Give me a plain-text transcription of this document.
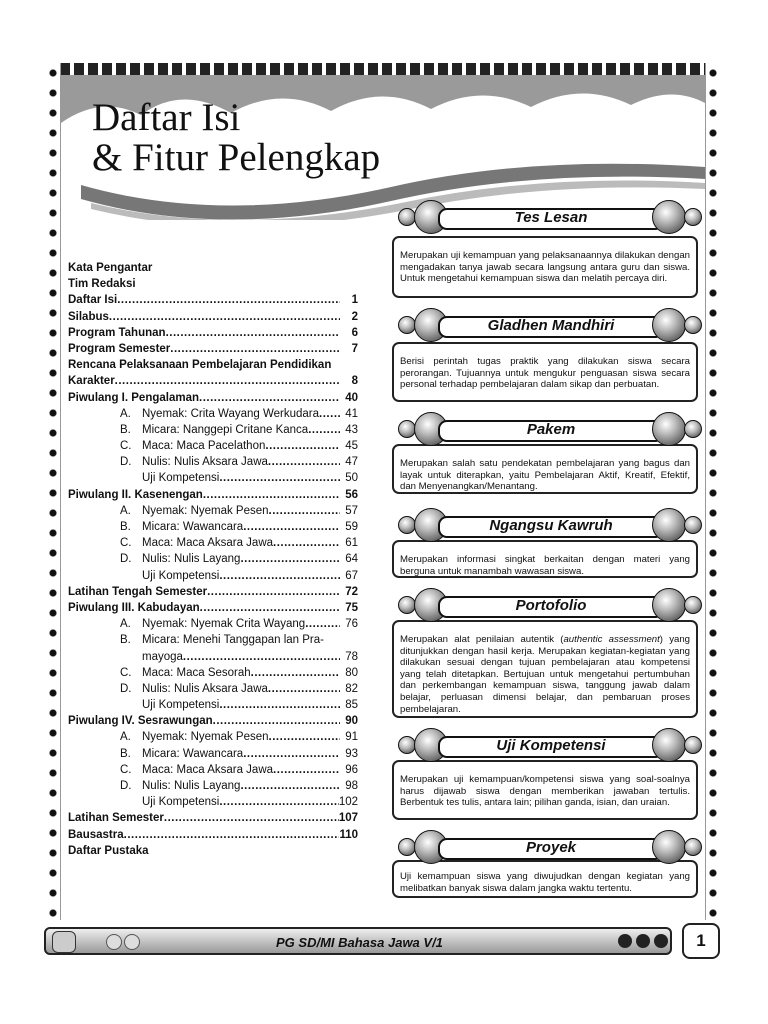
Daftar Isi
& Fitur Pelengkap
Kata Pengantar
Tim Redaksi
Daftar Isi .....	1
Silabus .....	2
Program Tahunan .....	6
Program Semester .....	7
Rencana Pelaksanaan Pembelajaran Pendidikan
Karakter .....	8
Piwulang I. Pengalaman .....	40
A. Nyemak: Crita Wayang Werkudara .....	41
B. Micara: Nanggepi Critane Kanca .....	43
C. Maca: Maca Pacelathon .....	45
D. Nulis: Nulis Aksara Jawa .....	47
Uji Kompetensi .....	50
Piwulang II. Kasenengan .....	56
A. Nyemak: Nyemak Pesen .....	57
B. Micara: Wawancara .....	59
C. Maca: Maca Aksara Jawa .....	61
D. Nulis: Nulis Layang .....	64
Uji Kompetensi .....	67
Latihan Tengah Semester .....	72
Piwulang III. Kabudayan .....	75
A. Nyemak: Nyemak Crita Wayang .....	76
B. Micara: Menehi Tanggapan lan Pra-
mayoga .....	78
C. Maca: Maca Sesorah .....	80
D. Nulis: Nulis Aksara Jawa .....	82
Uji Kompetensi .....	85
Piwulang IV. Sesrawungan .....	90
A. Nyemak: Nyemak Pesen .....	91
B. Micara: Wawancara .....	93
C. Maca: Maca Aksara Jawa .....	96
D. Nulis: Nulis Layang .....	98
Uji Kompetensi .....	102
Latihan Semester .....	107
Bausastra .....	110
Daftar Pustaka
Merupakan uji kemampuan yang pelaksanaannya dilakukan dengan mengadakan tanya jawab secara langsung antara guru dan siswa. Untuk mengetahui kemampuan siswa dan melatih percaya diri.
Tes Lesan
Berisi perintah tugas praktik yang dilakukan siswa secara perorangan. Tujuannya untuk mengukur penguasan siswa secara personal terhadap pembelajaran dalam sikap dan perbuatan.
Gladhen Mandhiri
Merupakan salah satu pendekatan pembelajaran yang bagus dan layak untuk diterapkan, yaitu Pembelajaran Aktif, Kreatif, Efektif, dan Menyenangkan/Menantang.
Pakem
Merupakan informasi singkat berkaitan dengan materi yang berguna untuk manambah wawasan siswa.
Ngangsu Kawruh
Merupakan alat penilaian autentik (authentic assessment) yang ditunjukkan dengan hasil kerja. Merupakan kegiatan-kegiatan yang dilakukan sesuai dengan tujuan pembelajaran atau kompetensi yang telah ditetapkan. Bertujuan untuk mengetahui pertumbuhan dan perkembangan kemampuan siswa, tanggung jawab dalam belajar, perluasan dimensi belajar, dan pembaruan proses pembelajaran.
Portofolio
Merupakan uji kemampuan/kompetensi siswa yang soal-soalnya harus dijawab siswa dengan memberikan jawaban tertulis. Berbentuk tes tulis, antara lain; pilihan ganda, isian, dan uraian.
Uji Kompetensi
Uji kemampuan siswa yang diwujudkan dengan kegiatan yang melibatkan banyak siswa dalam jangka waktu tertentu.
Proyek
PG SD/MI Bahasa Jawa V/1	1
